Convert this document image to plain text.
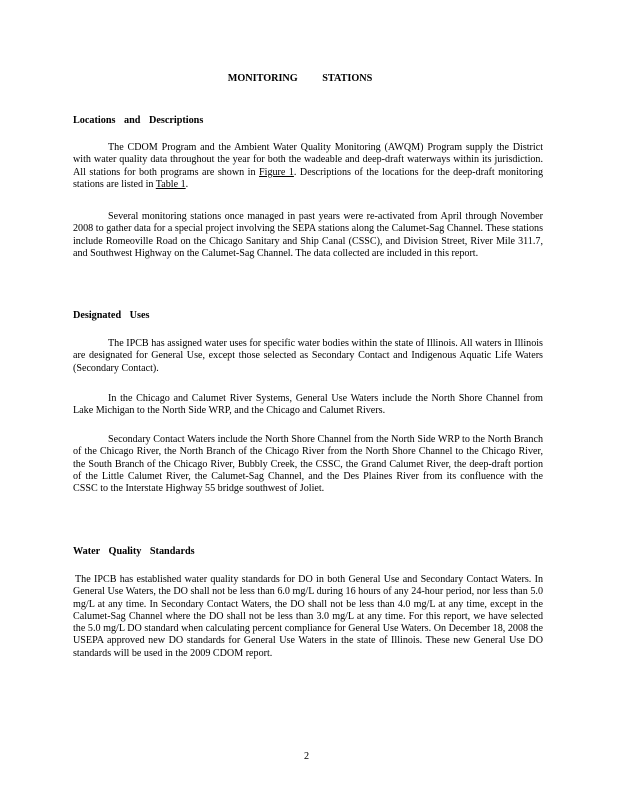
MONITORING STATIONS
Locations and Descriptions

The CDOM Program and the Ambient Water Quality Monitoring (AWQM) Program supply the District with water quality data throughout the year for both the wadeable and deep-draft waterways within its jurisdiction. All stations for both programs are shown in Figure 1. Descriptions of the locations for the deep-draft monitoring stations are listed in Table 1.

Several monitoring stations once managed in past years were re-activated from April through November 2008 to gather data for a special project involving the SEPA stations along the Calumet-Sag Channel. These stations include Romeoville Road on the Chicago Sanitary and Ship Canal (CSSC), and Division Street, River Mile 311.7, and Southwest Highway on the Calumet-Sag Channel. The data collected are included in this report.

Designated Uses

The IPCB has assigned water uses for specific water bodies within the state of Illinois. All waters in Illinois are designated for General Use, except those selected as Secondary Contact and Indigenous Aquatic Life Waters (Secondary Contact).

In the Chicago and Calumet River Systems, General Use Waters include the North Shore Channel from Lake Michigan to the North Side WRP, and the Chicago and Calumet Rivers.

Secondary Contact Waters include the North Shore Channel from the North Side WRP to the North Branch of the Chicago River, the North Branch of the Chicago River from the North Shore Channel to the Chicago River, the South Branch of the Chicago River, Bubbly Creek, the CSSC, the Grand Calumet River, the deep-draft portion of the Little Calumet River, the Calumet-Sag Channel, and the Des Plaines River from its confluence with the CSSC to the Interstate Highway 55 bridge southwest of Joliet.

Water Quality Standards

The IPCB has established water quality standards for DO in both General Use and Secondary Contact Waters. In General Use Waters, the DO shall not be less than 6.0 mg/L during 16 hours of any 24-hour period, nor less than 5.0 mg/L at any time. In Secondary Contact Waters, the DO shall not be less than 4.0 mg/L at any time, except in the Calumet-Sag Channel where the DO shall not be less than 3.0 mg/L at any time. For this report, we have selected the 5.0 mg/L DO standard when calculating percent compliance for General Use Waters. On December 18, 2008 the USEPA approved new DO standards for General Use Waters in the state of Illinois. These new General Use DO standards will be used in the 2009 CDOM report.

2
